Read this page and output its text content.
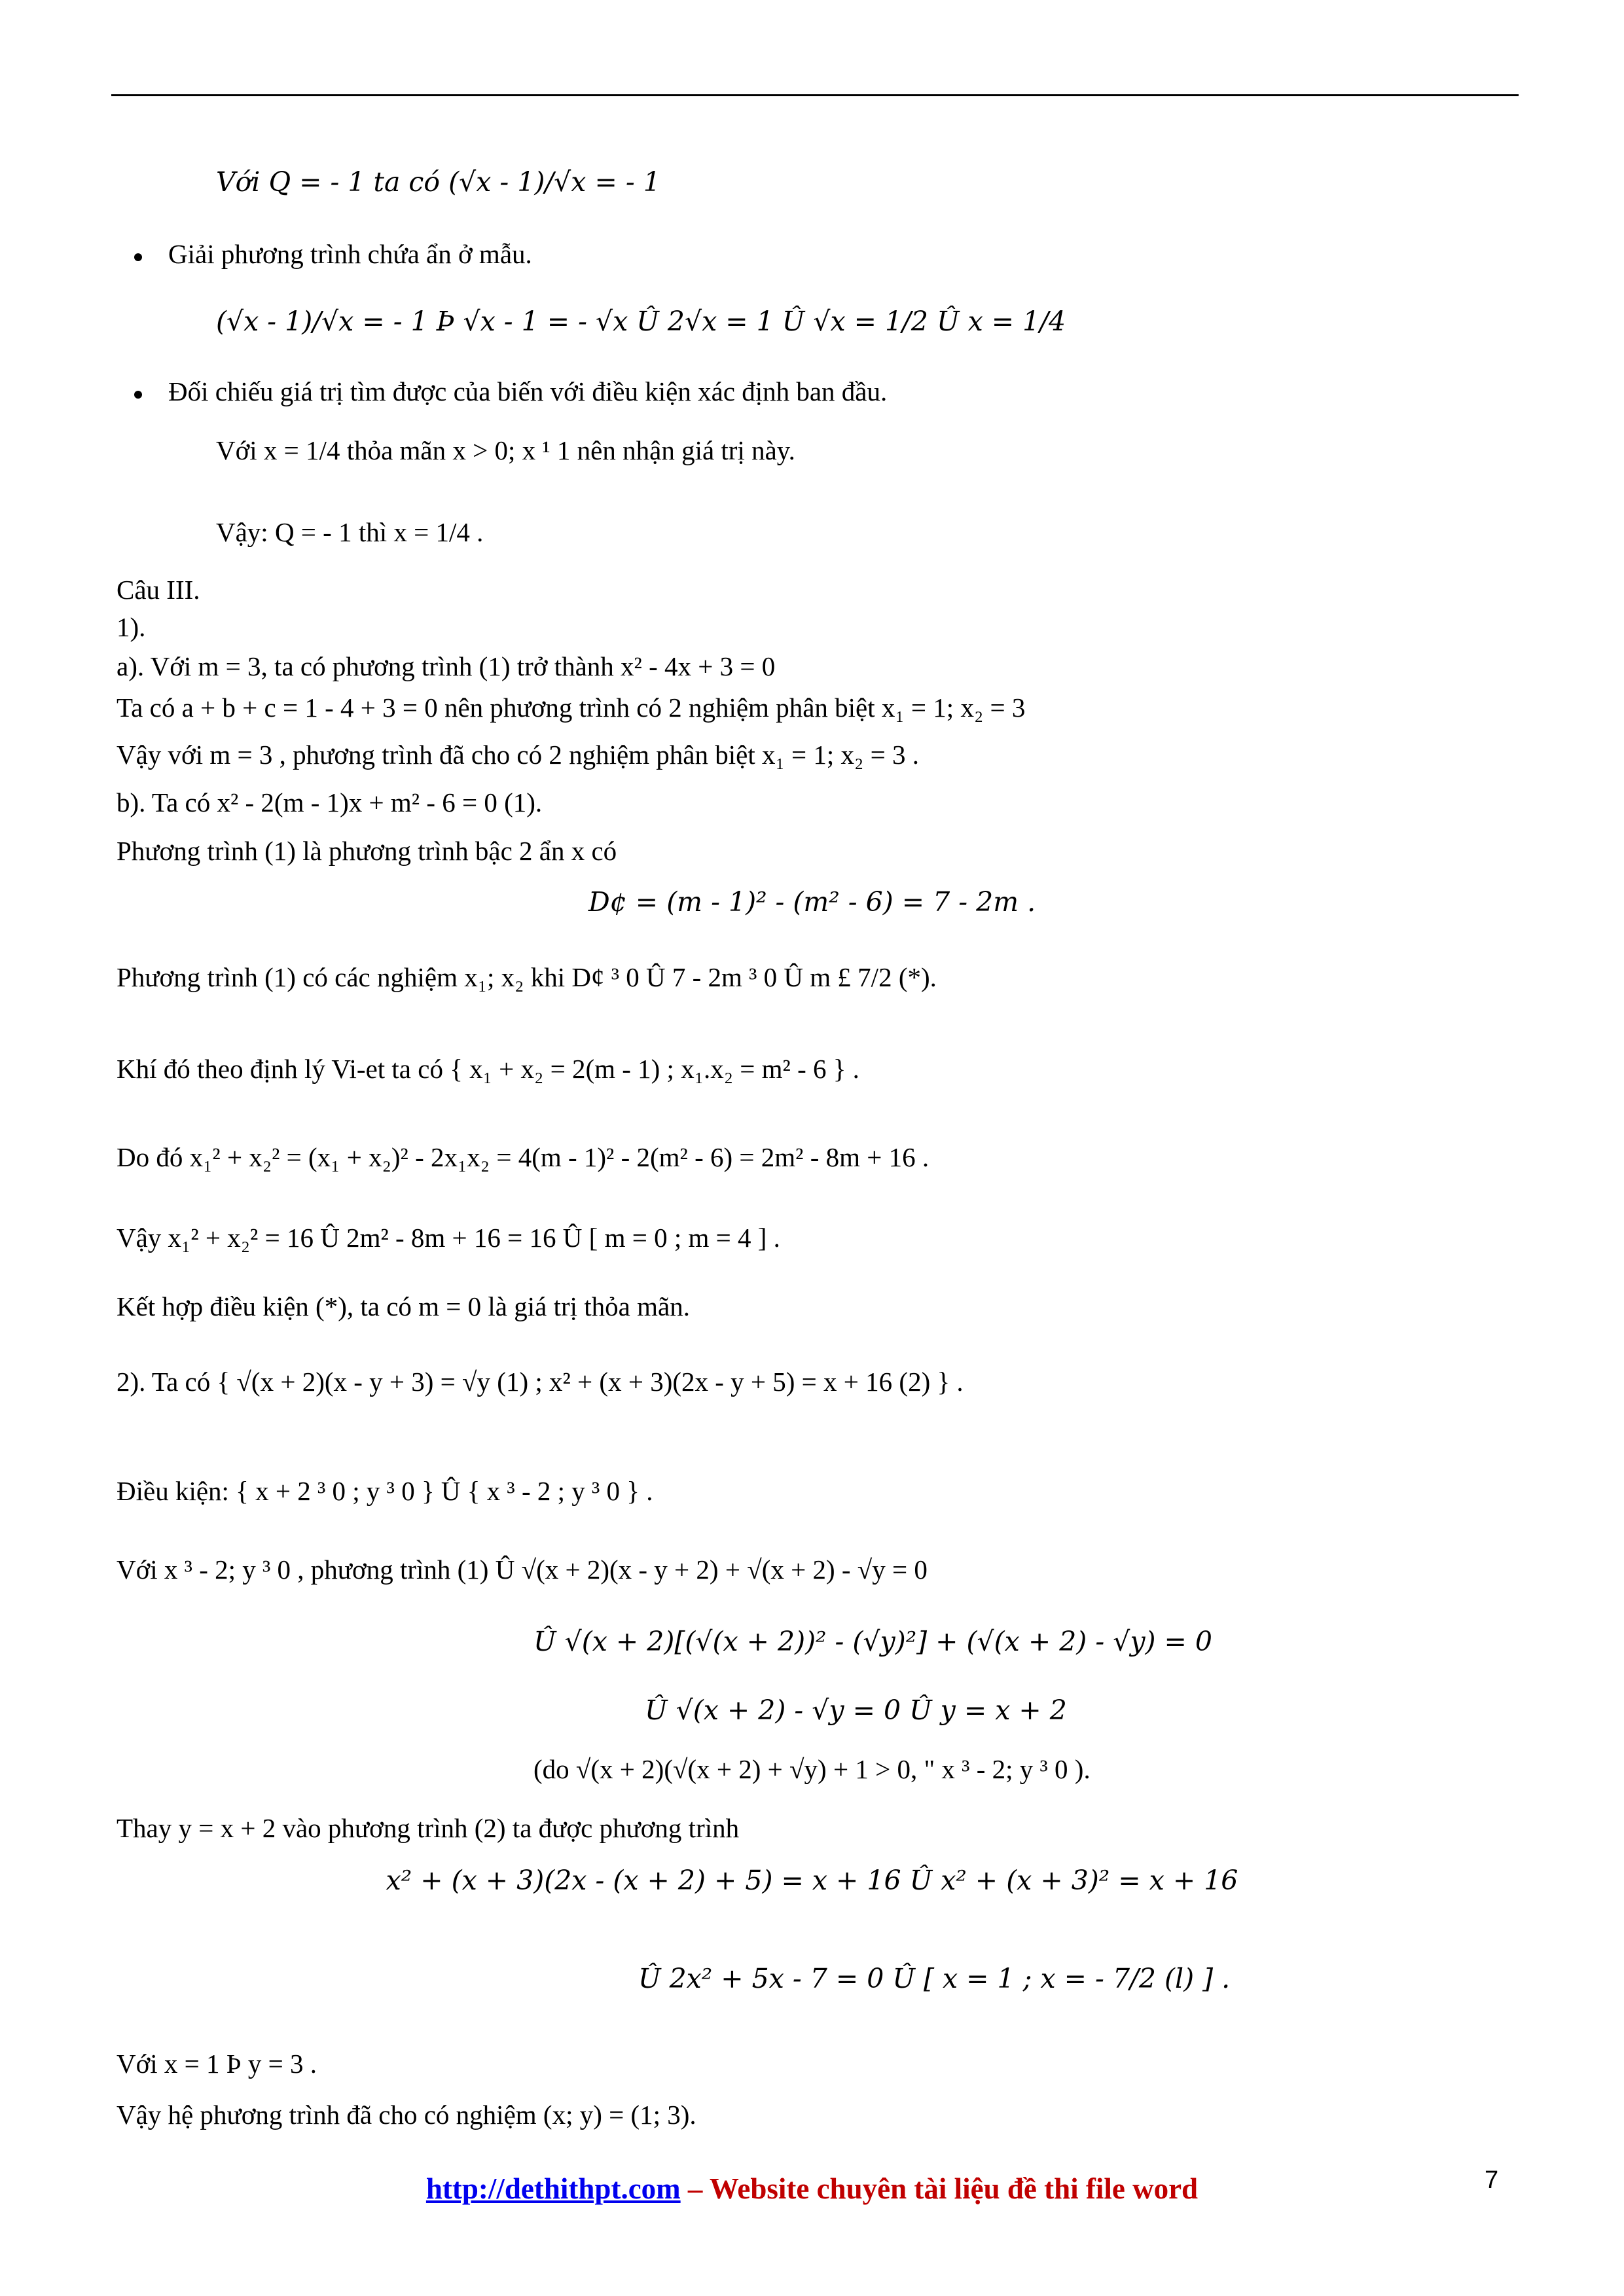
Với Q = - 1 ta có (√x - 1)/√x = - 1
Giải phương trình chứa ẩn ở mẫu.
(√x - 1)/√x = - 1 Þ √x - 1 = - √x Û 2√x = 1 Û √x = 1/2 Û x = 1/4
Đối chiếu giá trị tìm được của biến với điều kiện xác định ban đầu.
Với x = 1/4 thỏa mãn x > 0; x ¹ 1 nên nhận giá trị này.
Vậy: Q = - 1 thì x = 1/4 .
Câu III.
1).
a). Với m = 3, ta có phương trình (1) trở thành x² - 4x + 3 = 0
Ta có a + b + c = 1 - 4 + 3 = 0 nên phương trình có 2 nghiệm phân biệt x₁ = 1; x₂ = 3
Vậy với m = 3 , phương trình đã cho có 2 nghiệm phân biệt x₁ = 1; x₂ = 3 .
b). Ta có x² - 2(m - 1)x + m² - 6 = 0 (1).
Phương trình (1) là phương trình bậc 2 ẩn x có
D¢ = (m - 1)² - (m² - 6) = 7 - 2m .
Phương trình (1) có các nghiệm x₁; x₂ khi D¢ ³ 0 Û 7 - 2m ³ 0 Û m £ 7/2 (*).
Khí đó theo định lý Vi-et ta có { x₁ + x₂ = 2(m - 1) ; x₁.x₂ = m² - 6 } .
Do đó x₁² + x₂² = (x₁ + x₂)² - 2x₁x₂ = 4(m - 1)² - 2(m² - 6) = 2m² - 8m + 16 .
Vậy x₁² + x₂² = 16 Û 2m² - 8m + 16 = 16 Û [ m = 0 ; m = 4 ] .
Kết hợp điều kiện (*), ta có m = 0 là giá trị thỏa mãn.
2). Ta có { √(x + 2)(x - y + 3) = √y (1) ; x² + (x + 3)(2x - y + 5) = x + 16 (2) } .
Điều kiện: { x + 2 ³ 0 ; y ³ 0 } Û { x ³ - 2 ; y ³ 0 } .
Với x ³ - 2; y ³ 0 , phương trình (1) Û √(x + 2)(x - y + 2) + √(x + 2) - √y = 0
Û √(x + 2)[(√(x + 2))² - (√y)²] + (√(x + 2) - √y) = 0
Û √(x + 2) - √y = 0 Û y = x + 2
(do √(x + 2)(√(x + 2) + √y) + 1 > 0, " x ³ - 2; y ³ 0 ).
Thay y = x + 2 vào phương trình (2) ta được phương trình
x² + (x + 3)(2x - (x + 2) + 5) = x + 16 Û x² + (x + 3)² = x + 16
Û 2x² + 5x - 7 = 0 Û [ x = 1 ; x = - 7/2 (l) ] .
Với x = 1 Þ y = 3 .
Vậy hệ phương trình đã cho có nghiệm (x; y) = (1; 3).
http://dethithpt.com – Website chuyên tài liệu đề thi file word	7
